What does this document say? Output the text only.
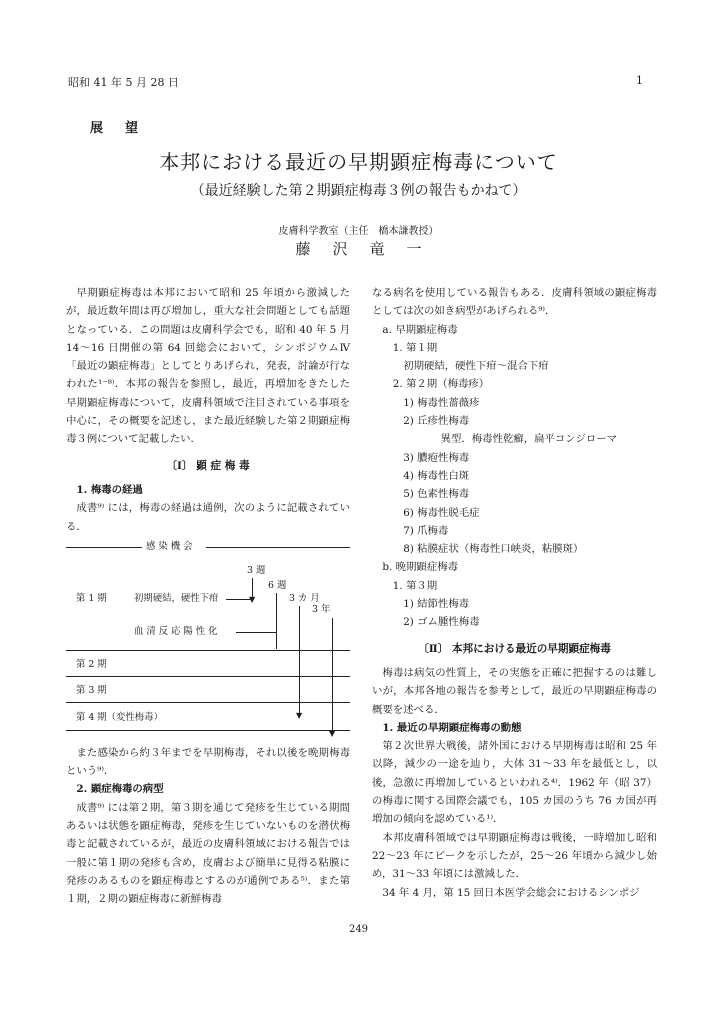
昭和 41 年 5 月 28 日	1
展望
本邦における最近の早期顕症梅毒について
（最近経験した第２期顕症梅毒３例の報告もかねて）
皮膚科学教室（主任　橋本謙教授）
藤沢竜一

早期顕症梅毒は本邦において昭和 25 年頃から激減したが，最近数年間は再び増加し，重大な社会問題としても話題となっている．この問題は皮膚科学会でも，昭和 40 年 5 月 14〜16 日開催の第 64 回総会において，シンポジウムⅣ「最近の顕症梅毒」としてとりあげられ，発表，討論が行なわれた¹⁻⁸⁾．本邦の報告を参照し，最近，再増加をきたした早期顕症梅毒について，皮膚科領域で注目されている事項を中心に，その概要を記述し，また最近経験した第２期顕症梅毒３例について記載したい．

〔Ⅰ〕 顕 症 梅 毒
1. 梅毒の経過

成書⁹⁾ には，梅毒の経過は通例，次のように記載されている．

感 染 機 会
3 週
6 週
3 カ 月
3 年
▼
▼
▼
第 1 期	初期硬結，硬性下疳
血 清 反 応 陽 性 化
第 2 期
第 3 期
第 4 期（変性梅毒）

また感染から約３年までを早期梅毒，それ以後を晩期梅毒という⁹⁾．

2. 顕症梅毒の病型

成書⁹⁾ には第２期，第３期を通じて発疹を生じている期間あるいは状態を顕症梅毒，発疹を生じていないものを潜伏梅毒と記載されているが，最近の皮膚科領域における報告では一般に第１期の発疹も含め，皮膚および簡単に見得る粘膜に発疹のあるものを顕症梅毒とするのが通例である⁵⁾．また第１期，２期の顕症梅毒に新鮮梅毒

なる病名を使用している報告もある．皮膚科領域の顕症梅毒としては次の如き病型があげられる⁹⁾．

a. 早期顕症梅毒
1. 第１期
初期硬結，硬性下疳〜混合下疳
2. 第２期（梅毒疹）
1) 梅毒性薔薇疹
2) 丘疹性梅毒
異型．梅毒性乾癬，扁平コンジローマ
3) 膿疱性梅毒
4) 梅毒性白斑
5) 色素性梅毒
6) 梅毒性脱毛症
7) 爪梅毒
8) 粘膜症状（梅毒性口峡炎，粘膜斑）
b. 晩期顕症梅毒
1. 第３期
1) 結節性梅毒
2) ゴム腫性梅毒
〔Ⅱ〕 本邦における最近の早期顕症梅毒

梅毒は病気の性質上，その実態を正確に把握するのは難しいが，本邦各地の報告を参考として，最近の早期顕症梅毒の概要を述べる．

1. 最近の早期顕症梅毒の動態

第２次世界大戦後，諸外国における早期梅毒は昭和 25 年以降，減少の一途を辿り，大体 31〜33 年を最低とし，以後，急激に再増加しているといわれる⁴⁾．1962 年（昭 37）の梅毒に関する国際会議でも，105 カ国のうち 76 カ国が再増加の傾向を認めている¹⁾．

本邦皮膚科領域では早期顕症梅毒は戦後，一時増加し昭和 22〜23 年にピークを示したが，25〜26 年頃から減少し始め，31〜33 年頃には激減した．

34 年 4 月，第 15 回日本医学会総会におけるシンポジ

249
